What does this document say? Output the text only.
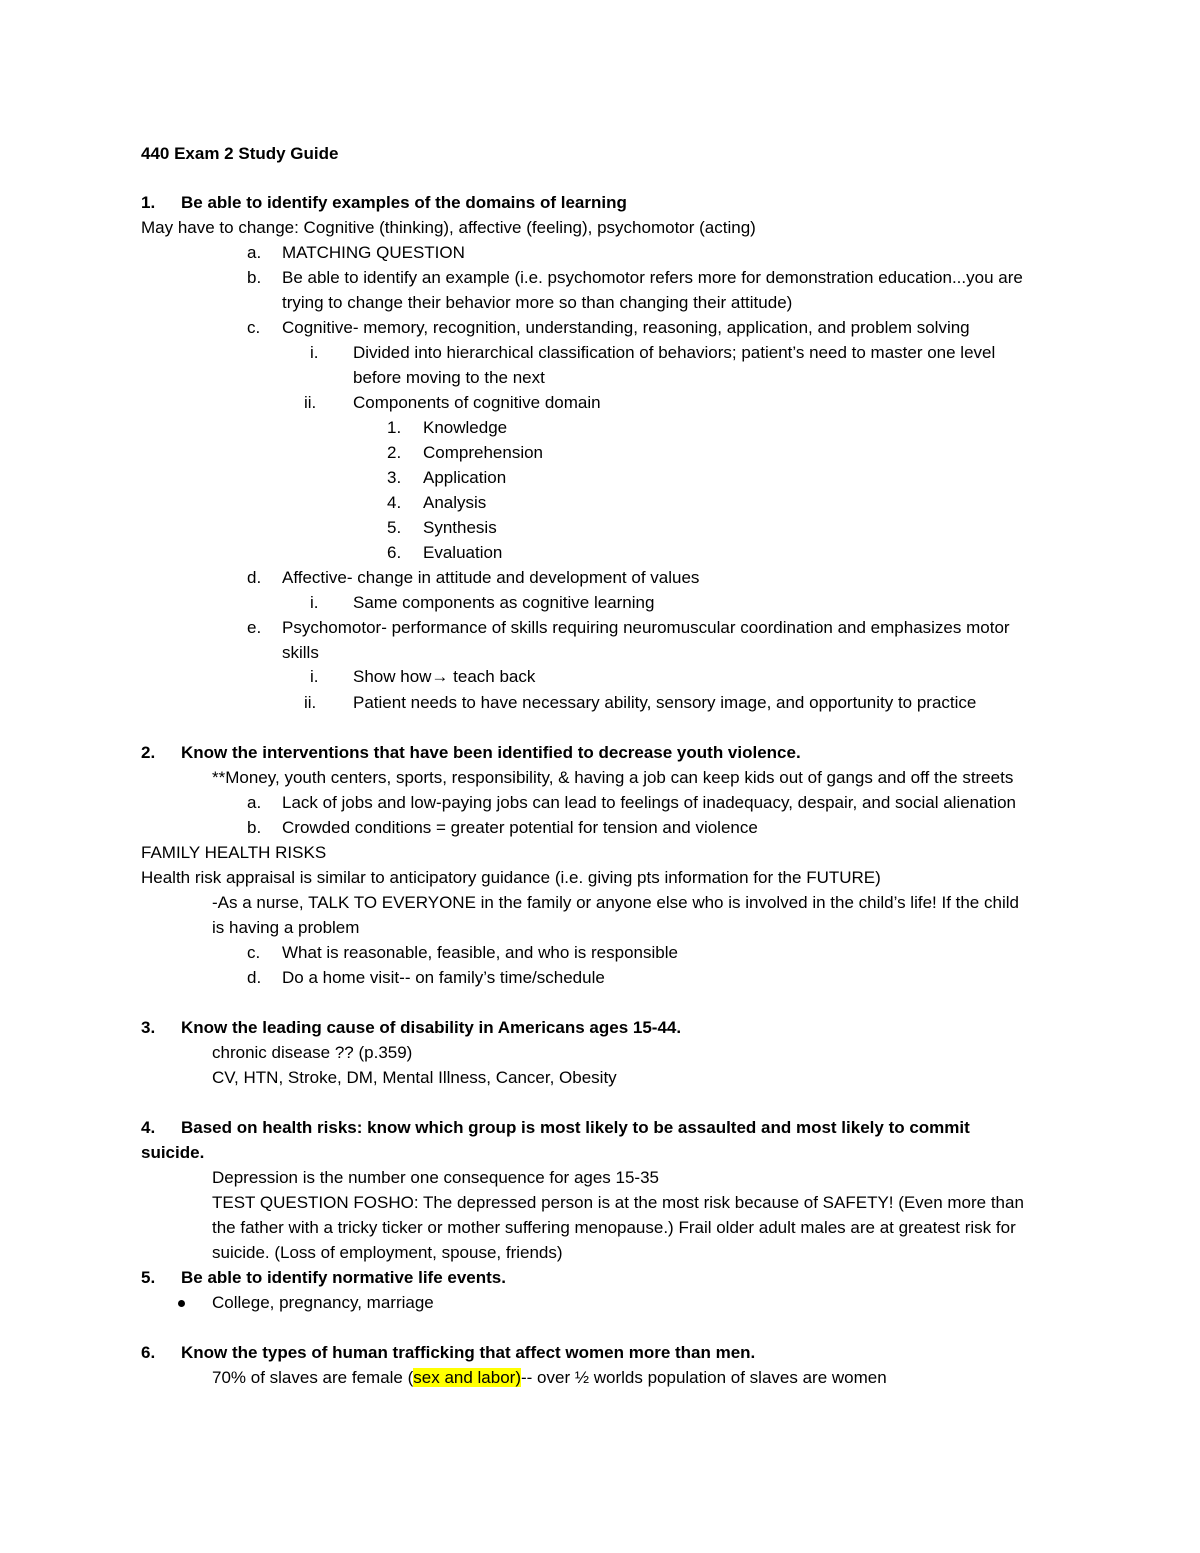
440 Exam 2 Study Guide
1. Be able to identify examples of the domains of learning
May have to change: Cognitive (thinking), affective (feeling), psychomotor (acting)
a. MATCHING QUESTION
b. Be able to identify an example (i.e. psychomotor refers more for demonstration education...you are
trying to change their behavior more so than changing their attitude)
c. Cognitive- memory, recognition, understanding, reasoning, application, and problem solving
i. Divided into hierarchical classification of behaviors; patient’s need to master one level
before moving to the next
ii. Components of cognitive domain
1. Knowledge
2. Comprehension
3. Application
4. Analysis
5. Synthesis
6. Evaluation
d. Affective- change in attitude and development of values
i. Same components as cognitive learning
e. Psychomotor- performance of skills requiring neuromuscular coordination and emphasizes motor
skills
i. Show how→ teach back
ii. Patient needs to have necessary ability, sensory image, and opportunity to practice
2. Know the interventions that have been identified to decrease youth violence.
**Money, youth centers, sports, responsibility, & having a job can keep kids out of gangs and off the streets
a. Lack of jobs and low-paying jobs can lead to feelings of inadequacy, despair, and social alienation
b. Crowded conditions = greater potential for tension and violence
FAMILY HEALTH RISKS
Health risk appraisal is similar to anticipatory guidance (i.e. giving pts information for the FUTURE)
-As a nurse, TALK TO EVERYONE in the family or anyone else who is involved in the child’s life! If the child
is having a problem
c. What is reasonable, feasible, and who is responsible
d. Do a home visit-- on family’s time/schedule
3. Know the leading cause of disability in Americans ages 15-44.
chronic disease ?? (p.359)
CV, HTN, Stroke, DM, Mental Illness, Cancer, Obesity
4. Based on health risks: know which group is most likely to be assaulted and most likely to commit
suicide.
Depression is the number one consequence for ages 15-35
TEST QUESTION FOSHO: The depressed person is at the most risk because of SAFETY! (Even more than
the father with a tricky ticker or mother suffering menopause.) Frail older adult males are at greatest risk for
suicide. (Loss of employment, spouse, friends)
5. Be able to identify normative life events.
College, pregnancy, marriage
6. Know the types of human trafficking that affect women more than men.
70% of slaves are female (sex and labor)-- over ½ worlds population of slaves are women
